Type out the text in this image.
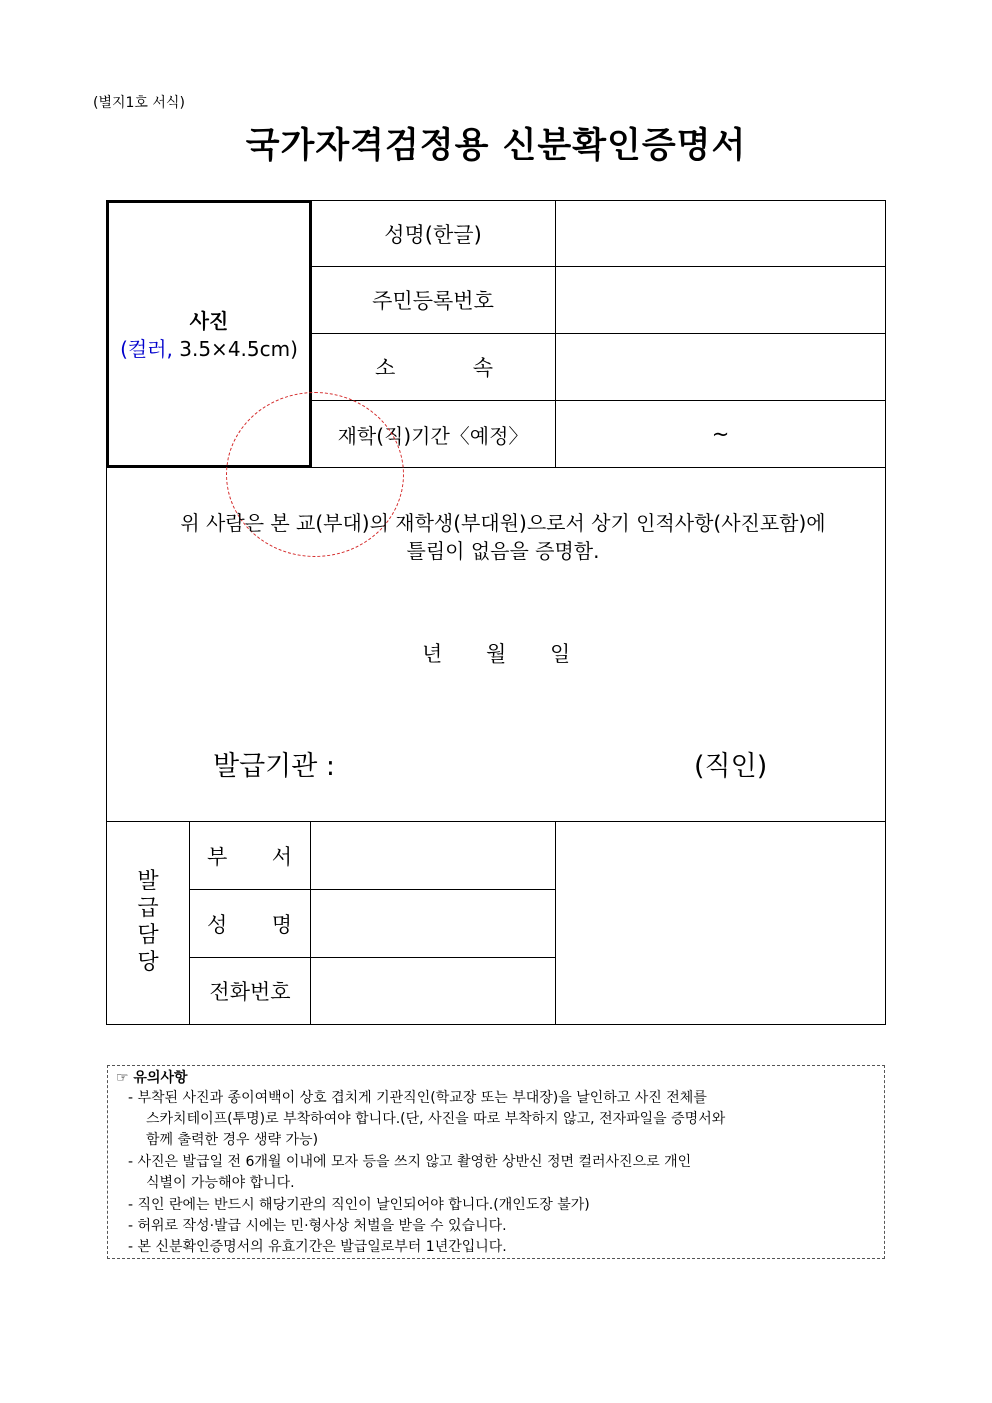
(별지1호 서식)
국가자격검정용 신분확인증명서
사진
(컬러, 3.5×4.5cm)
성명(한글)
주민등록번호
소	속
재학(직)기간〈예정〉	~
위 사람은 본 교(부대)의 재학생(부대원)으로서 상기 인적사항(사진포함)에
틀림이 없음을 증명함.
년 월 일
발급기관 :	(직인)
발
급
담
당
부 서
성 명
전화번호
☞ 유의사항
- 부착된 사진과 종이여백이 상호 겹치게 기관직인(학교장 또는 부대장)을 날인하고 사진 전체를
스카치테이프(투명)로 부착하여야 합니다.(단, 사진을 따로 부착하지 않고, 전자파일을 증명서와
함께 출력한 경우 생략 가능)
- 사진은 발급일 전 6개월 이내에 모자 등을 쓰지 않고 촬영한 상반신 정면 컬러사진으로 개인
식별이 가능해야 합니다.
- 직인 란에는 반드시 해당기관의 직인이 날인되어야 합니다.(개인도장 불가)
- 허위로 작성·발급 시에는 민·형사상 처벌을 받을 수 있습니다.
- 본 신분확인증명서의 유효기간은 발급일로부터 1년간입니다.
